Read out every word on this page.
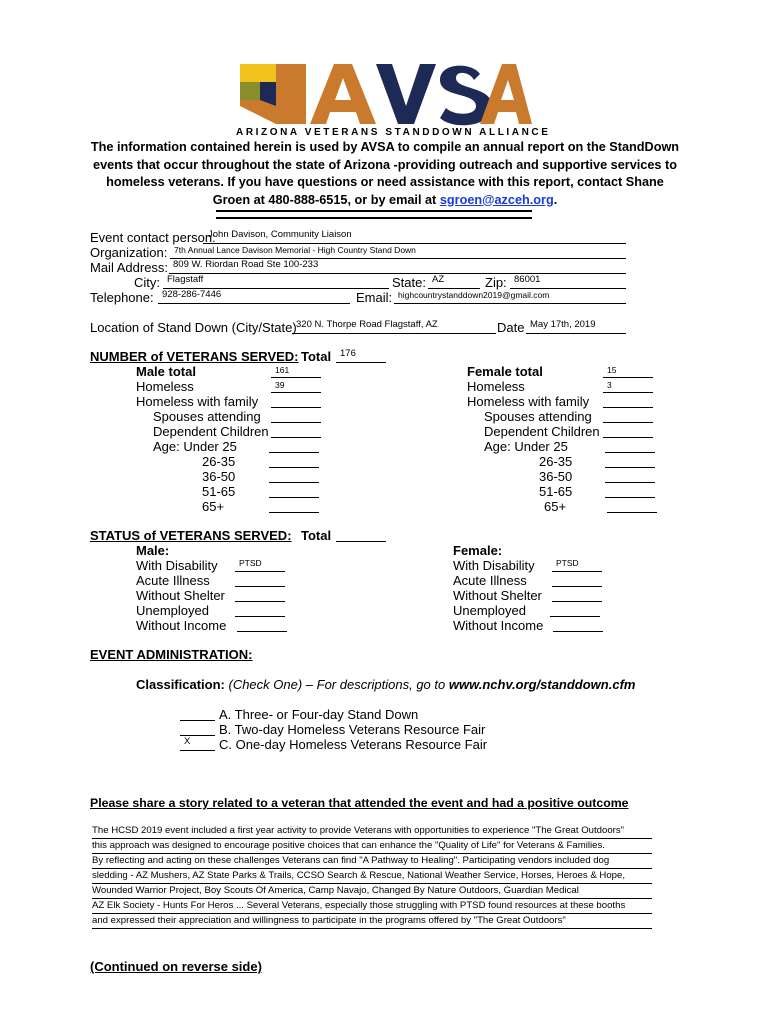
ARIZONA VETERANS STANDDOWN ALLIANCE
The information contained herein is used by AVSA to compile an annual report on the StandDown events that occur throughout the state of Arizona -providing outreach and supportive services to homeless veterans. If you have questions or need assistance with this report, contact Shane Groen at 480-888-6515, or by email at sgroen@azceh.org.
Event contact person:
John Davison, Community Liaison
Organization: 7th Annual Lance Davison Memorial - High Country Stand Down
Mail Address: 809 W. Riordan Road Ste 100-233
City: Flagstaff	State: AZ	Zip: 86001
Telephone: 928-286-7446	Email: highcountrystanddown2019@gmail.com
Location of Stand Down (City/State) 320 N. Thorpe Road Flagstaff, AZ	Date May 17th, 2019
NUMBER of VETERANS SERVED: Total 176
Male total	161
Homeless	39
Homeless with family
Spouses attending
Dependent Children
Age: Under 25
26-35
36-50
51-65
65+
Female total	15
Homeless	3
Homeless with family
Spouses attending
Dependent Children
Age: Under 25
26-35
36-50
51-65
65+
STATUS of VETERANS SERVED: Total
Male:
With Disability	PTSD
Acute Illness
Without Shelter
Unemployed
Without Income
Female:
With Disability	PTSD
Acute Illness
Without Shelter
Unemployed
Without Income
EVENT ADMINISTRATION:
Classification: (Check One) – For descriptions, go to www.nchv.org/standdown.cfm
A. Three- or Four-day Stand Down
B. Two-day Homeless Veterans Resource Fair
X C. One-day Homeless Veterans Resource Fair
Please share a story related to a veteran that attended the event and had a positive outcome
The HCSD 2019 event included a first year activity to provide Veterans with opportunities to experience "The Great Outdoors"
this approach was designed to encourage positive choices that can enhance the "Quality of Life" for Veterans & Families.
By reflecting and acting on these challenges Veterans can find "A Pathway to Healing". Participating vendors included dog
sledding - AZ Mushers, AZ State Parks & Trails, CCSO Search & Rescue, National Weather Service, Horses, Heroes & Hope,
Wounded Warrior Project, Boy Scouts Of America, Camp Navajo, Changed By Nature Outdoors, Guardian Medical
AZ Elk Society - Hunts For Heros ... Several Veterans, especially those struggling with PTSD found resources at these booths
and expressed their appreciation and willingness to participate in the programs offered by "The Great Outdoors"
(Continued on reverse side)
